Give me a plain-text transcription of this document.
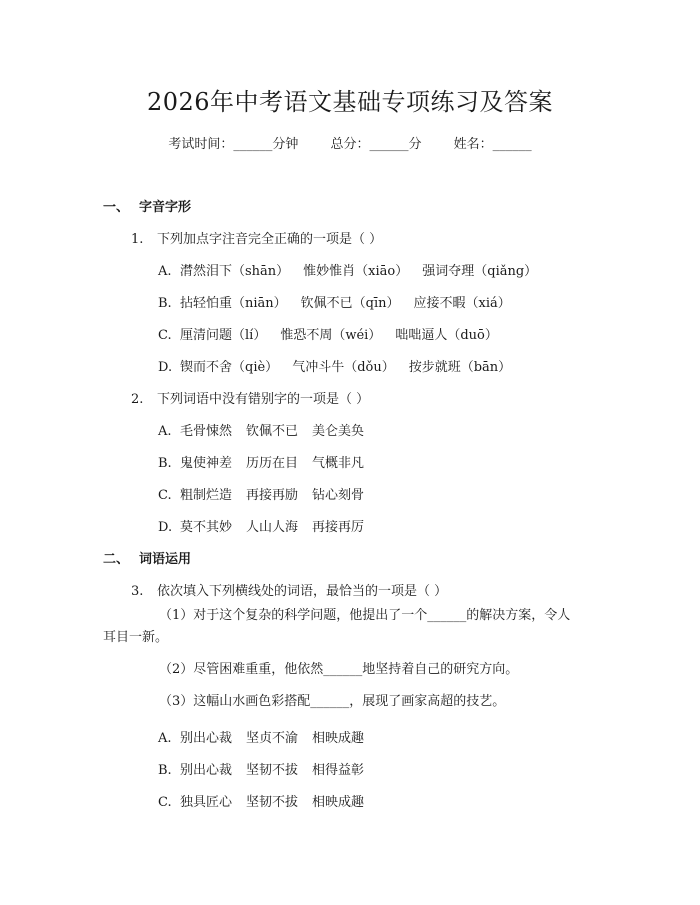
2026年中考语文基础专项练习及答案
考试时间：______分钟 总分：______分 姓名：______
一、 字音字形
1. 下列加点字注音完全正确的一项是（ ）
A. 潸然泪下（shān） 惟妙惟肖（xiāo） 强词夺理（qiǎng）
B. 拈轻怕重（niān） 钦佩不已（qīn） 应接不暇（xiá）
C. 厘清问题（lí） 惟恐不周（wéi） 咄咄逼人（duō）
D. 锲而不舍（qiè） 气冲斗牛（dǒu） 按步就班（bān）
2. 下列词语中没有错别字的一项是（ ）
A. 毛骨悚然 钦佩不已 美仑美奂
B. 鬼使神差 历历在目 气概非凡
C. 粗制烂造 再接再励 钻心刻骨
D. 莫不其妙 人山人海 再接再厉
二、 词语运用
3. 依次填入下列横线处的词语，最恰当的一项是（ ）
（1）对于这个复杂的科学问题，他提出了一个______的解决方案，令人
耳目一新。
（2）尽管困难重重，他依然______地坚持着自己的研究方向。
（3）这幅山水画色彩搭配______，展现了画家高超的技艺。
A. 别出心裁 坚贞不渝 相映成趣
B. 别出心裁 坚韧不拔 相得益彰
C. 独具匠心 坚韧不拔 相映成趣
